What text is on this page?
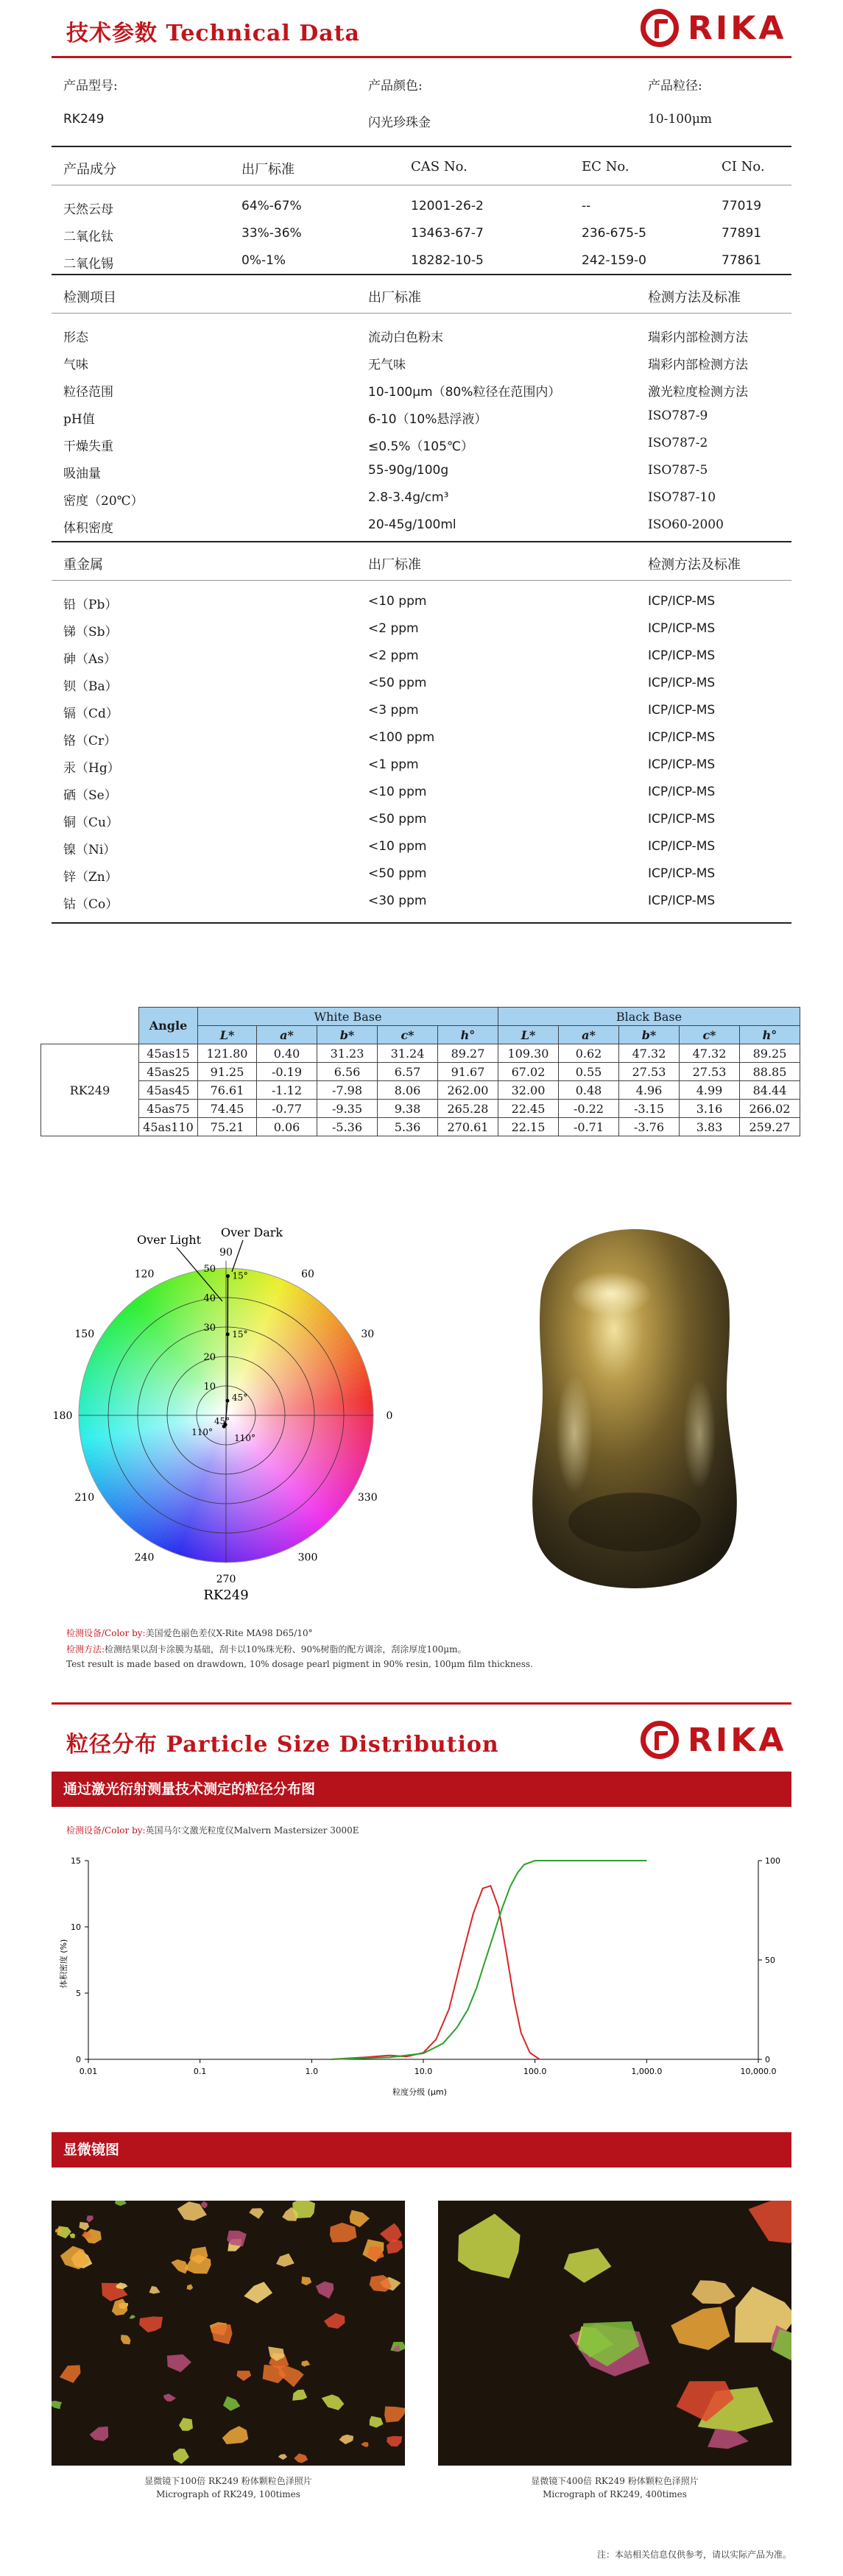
技术参数 Technical Data	RIKA
产品型号:	产品颜色:	产品粒径:
RK249	闪光珍珠金	10-100μm
产品成分	出厂标准	CAS No.	EC No.	CI No.
天然云母	64%-67%	12001-26-2	--	77019
二氧化钛	33%-36%	13463-67-7	236-675-5	77891
二氧化锡	0%-1%	18282-10-5	242-159-0	77861
检测项目	出厂标准	检测方法及标准
形态	流动白色粉末	瑞彩内部检测方法
气味	无气味	瑞彩内部检测方法
粒径范围	10-100μm（80%粒径在范围内）	激光粒度检测方法
pH值	6-10（10%悬浮液）	ISO787-9
干燥失重	≤0.5%（105℃）	ISO787-2
吸油量	55-90g/100g	ISO787-5
密度（20℃）	2.8-3.4g/cm³	ISO787-10
体积密度	20-45g/100ml	ISO60-2000
重金属	出厂标准	检测方法及标准
铅（Pb）	<10 ppm	ICP/ICP-MS
锑（Sb）	<2 ppm	ICP/ICP-MS
砷（As）	<2 ppm	ICP/ICP-MS
钡（Ba）	<50 ppm	ICP/ICP-MS
镉（Cd）	<3 ppm	ICP/ICP-MS
铬（Cr）	<100 ppm	ICP/ICP-MS
汞（Hg）	<1 ppm	ICP/ICP-MS
硒（Se）	<10 ppm	ICP/ICP-MS
铜（Cu）	<50 ppm	ICP/ICP-MS
镍（Ni）	<10 ppm	ICP/ICP-MS
锌（Zn）	<50 ppm	ICP/ICP-MS
钴（Co）	<30 ppm	ICP/ICP-MS
	Angle	White Base					Black Base				
		L*	a*	b*	c*	h°	L*	a*	b*	c*	h°
RK249	45as15	121.80	0.40	31.23	31.24	89.27	109.30	0.62	47.32	47.32	89.25
	45as25	91.25	-0.19	6.56	6.57	91.67	67.02	0.55	27.53	27.53	88.85
	45as45	76.61	-1.12	-7.98	8.06	262.00	32.00	0.48	4.96	4.99	84.44
	45as75	74.45	-0.77	-9.35	9.38	265.28	22.45	-0.22	-3.15	3.16	266.02
	45as110	75.21	0.06	-5.36	5.36	270.61	22.15	-0.71	-3.76	3.83	259.27
0
30
60
90
120
150
180
210
240
270
300
330
10
20
30
40
50
15°
15°
45°
45°
110°
110°
Over Light
Over Dark
RK249
检测设备/Color by:美国爱色丽色差仪X-Rite MA98 D65/10°
检测方法:检测结果以刮卡涂膜为基础，刮卡以10%珠光粉、90%树脂的配方调涂，刮涂厚度100μm。
Test result is made based on drawdown, 10% dosage pearl pigment in 90% resin, 100μm film thickness.
粒径分布 Particle Size Distribution	RIKA
通过激光衍射测量技术测定的粒径分布图
检测设备/Color by:英国马尔文激光粒度仪Malvern Mastersizer 3000E
0.01	0.1	1.0	10.0	100.0	1,000.0	10,000.0
0
5
10
15
0
50
100
体积密度 (%)
粒度分级 (μm)
显微镜图
显微镜下100倍 RK249 粉体颗粒色泽照片
Micrograph of RK249, 100times
显微镜下400倍 RK249 粉体颗粒色泽照片
Micrograph of RK249, 400times
注：本站相关信息仅供参考，请以实际产品为准。
